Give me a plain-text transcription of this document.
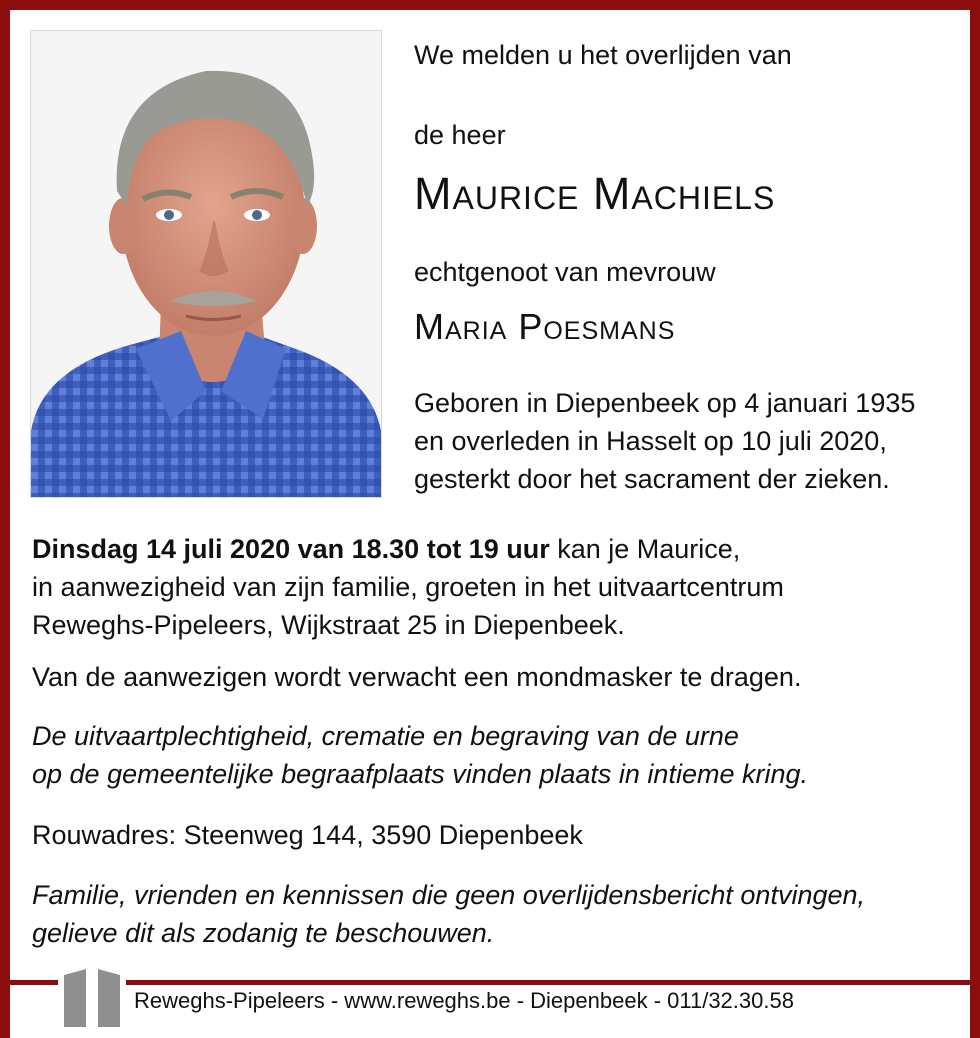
We melden u het overlijden van

de heer

Maurice Machiels

echtgenoot van mevrouw

Maria Poesmans

Geboren in Diepenbeek op 4 januari 1935
en overleden in Hasselt op 10 juli 2020,
gesterkt door het sacrament der zieken.
Dinsdag 14 juli 2020 van 18.30 tot 19 uur kan je Maurice,
in aanwezigheid van zijn familie, groeten in het uitvaartcentrum
Reweghs-Pipeleers, Wijkstraat 25 in Diepenbeek.

Van de aanwezigen wordt verwacht een mondmasker te dragen.

De uitvaartplechtigheid, crematie en begraving van de urne
op de gemeentelijke begraafplaats vinden plaats in intieme kring.

Rouwadres: Steenweg 144, 3590 Diepenbeek

Familie, vrienden en kennissen die geen overlijdensbericht ontvingen,
gelieve dit als zodanig te beschouwen.

Reweghs-Pipeleers - www.reweghs.be - Diepenbeek - 011/32.30.58
